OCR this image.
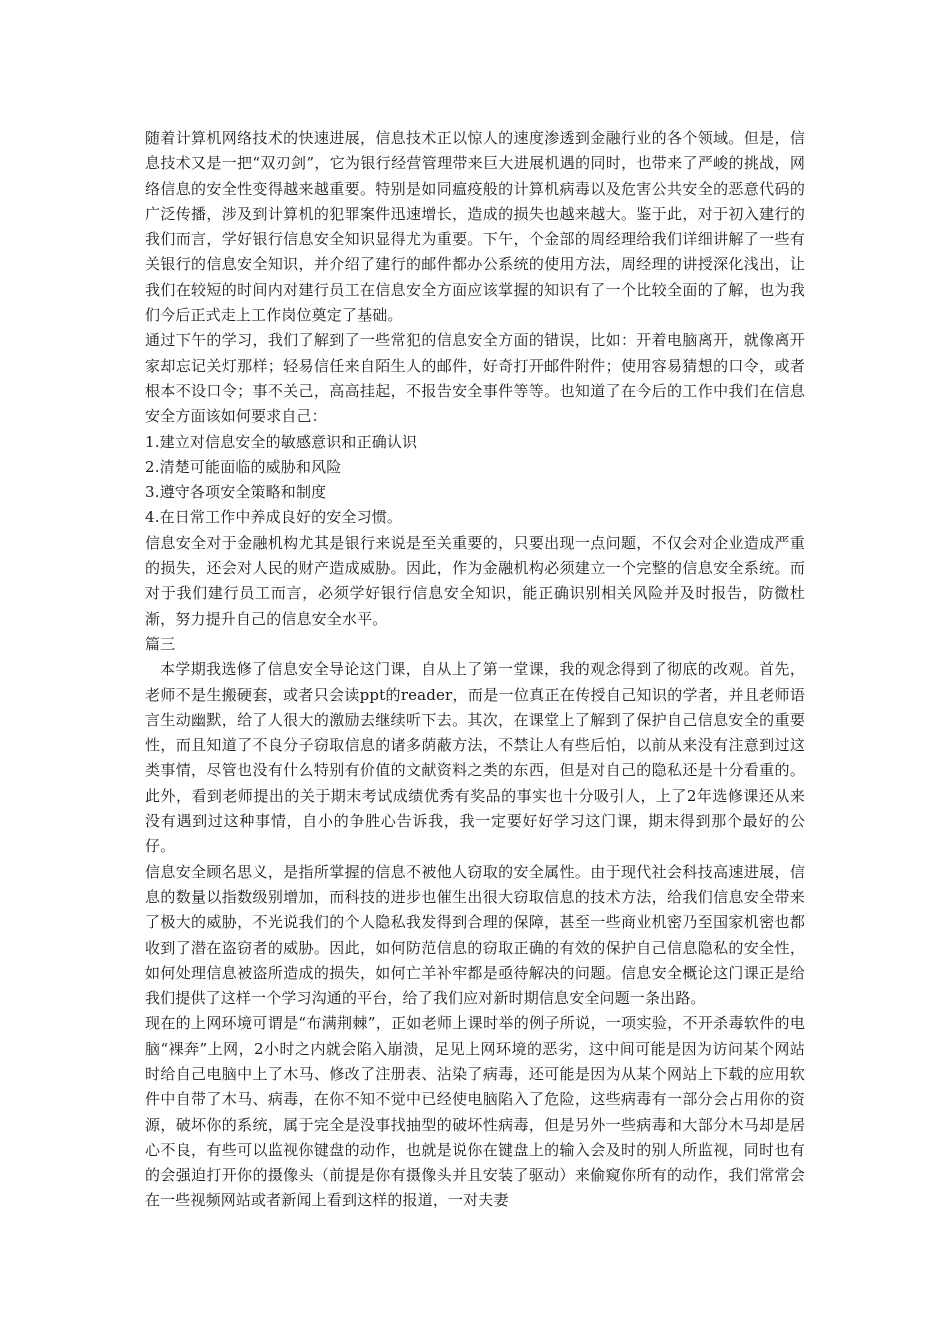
随着计算机网络技术的快速进展，信息技术正以惊人的速度渗透到金融行业的各个领域。但是，信息技术又是一把“双刃剑”，它为银行经营管理带来巨大进展机遇的同时，也带来了严峻的挑战，网络信息的安全性变得越来越重要。特别是如同瘟疫般的计算机病毒以及危害公共安全的恶意代码的广泛传播，涉及到计算机的犯罪案件迅速增长，造成的损失也越来越大。鉴于此，对于初入建行的我们而言，学好银行信息安全知识显得尤为重要。下午，个金部的周经理给我们详细讲解了一些有关银行的信息安全知识，并介绍了建行的邮件都办公系统的使用方法，周经理的讲授深化浅出，让我们在较短的时间内对建行员工在信息安全方面应该掌握的知识有了一个比较全面的了解，也为我们今后正式走上工作岗位奠定了基础。

通过下午的学习，我们了解到了一些常犯的信息安全方面的错误，比如：开着电脑离开，就像离开家却忘记关灯那样；轻易信任来自陌生人的邮件，好奇打开邮件附件；使用容易猜想的口令，或者根本不设口令；事不关己，高高挂起，不报告安全事件等等。也知道了在今后的工作中我们在信息安全方面该如何要求自己：

1.建立对信息安全的敏感意识和正确认识

2.清楚可能面临的威胁和风险

3.遵守各项安全策略和制度

4.在日常工作中养成良好的安全习惯。

信息安全对于金融机构尤其是银行来说是至关重要的，只要出现一点问题，不仅会对企业造成严重的损失，还会对人民的财产造成威胁。因此，作为金融机构必须建立一个完整的信息安全系统。而对于我们建行员工而言，必须学好银行信息安全知识，能正确识别相关风险并及时报告，防微杜渐，努力提升自己的信息安全水平。

篇三

本学期我选修了信息安全导论这门课，自从上了第一堂课，我的观念得到了彻底的改观。首先，老师不是生搬硬套，或者只会读ppt的reader，而是一位真正在传授自己知识的学者，并且老师语言生动幽默，给了人很大的激励去继续听下去。其次，在课堂上了解到了保护自己信息安全的重要性，而且知道了不良分子窃取信息的诸多荫蔽方法，不禁让人有些后怕，以前从来没有注意到过这类事情，尽管也没有什么特别有价值的文献资料之类的东西，但是对自己的隐私还是十分看重的。此外，看到老师提出的关于期末考试成绩优秀有奖品的事实也十分吸引人，上了2年选修课还从来没有遇到过这种事情，自小的争胜心告诉我，我一定要好好学习这门课，期末得到那个最好的公仔。

信息安全顾名思义，是指所掌握的信息不被他人窃取的安全属性。由于现代社会科技高速进展，信息的数量以指数级别增加，而科技的进步也催生出很大窃取信息的技术方法，给我们信息安全带来了极大的威胁，不光说我们的个人隐私我发得到合理的保障，甚至一些商业机密乃至国家机密也都收到了潜在盗窃者的威胁。因此，如何防范信息的窃取正确的有效的保护自己信息隐私的安全性，如何处理信息被盗所造成的损失，如何亡羊补牢都是亟待解决的问题。信息安全概论这门课正是给我们提供了这样一个学习沟通的平台，给了我们应对新时期信息安全问题一条出路。

现在的上网环境可谓是“布满荆棘”，正如老师上课时举的例子所说，一项实验，不开杀毒软件的电脑“裸奔”上网，2小时之内就会陷入崩溃，足见上网环境的恶劣，这中间可能是因为访问某个网站时给自己电脑中上了木马、修改了注册表、沾染了病毒，还可能是因为从某个网站上下载的应用软件中自带了木马、病毒，在你不知不觉中已经使电脑陷入了危险，这些病毒有一部分会占用你的资源，破坏你的系统，属于完全是没事找抽型的破坏性病毒，但是另外一些病毒和大部分木马却是居心不良，有些可以监视你键盘的动作，也就是说你在键盘上的输入会及时的别人所监视，同时也有的会强迫打开你的摄像头（前提是你有摄像头并且安装了驱动）来偷窥你所有的动作，我们常常会在一些视频网站或者新闻上看到这样的报道，一对夫妻
